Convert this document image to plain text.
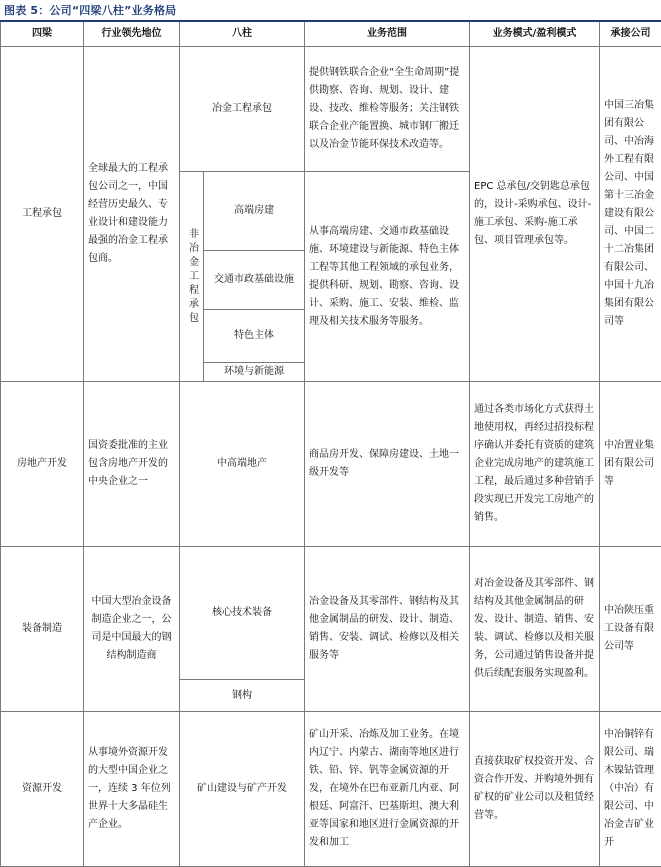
图表 5：公司“四梁八柱”业务格局
四梁	行业领先地位	八柱		业务范围	业务模式/盈利模式	承接公司
工程承包	全球最大的工程承包公司之一，中国经营历史最久、专业设计和建设能力最强的冶金工程承包商。	冶金工程承包		提供钢铁联合企业“全生命周期”提供勘察、咨询、规划、设计、建设、技改、维检等服务；关注钢铁联合企业产能置换、城市钢厂搬迁以及冶金节能环保技术改造等。	EPC 总承包/交钥匙总承包的，设计-采购承包、设计-施工承包、采购-施工承包、项目管理承包等。	中国三冶集团有限公司、中冶海外工程有限公司、中国第十三冶金建设有限公司、中国二十二冶集团有限公司、中国十九冶集团有限公司等

		非冶金工程承包	高端房建	从事高端房建、交通市政基础设施、环境建设与新能源、特色主体工程等其他工程领域的承包业务，提供科研、规划、勘察、咨询、设计、采购、施工、安装、维检、监理及相关技术服务等服务。		
			交通市政基础设施			
			特色主体			
			环境与新能源			
房地产开发	国资委批准的主业包含房地产开发的中央企业之一	中高端地产		商品房开发、保障房建设、土地一级开发等	通过各类市场化方式获得土地使用权，再经过招投标程序确认并委托有资质的建筑企业完成房地产的建筑施工工程，最后通过多种营销手段实现已开发完工房地产的销售。	中冶置业集团有限公司等
装备制造	中国大型冶金设备制造企业之一，公司是中国最大的钢结构制造商	核心技术装备		冶金设备及其零部件、钢结构及其他金属制品的研发、设计、制造、销售、安装、调试、检修以及相关服务等	对冶金设备及其零部件、钢结构及其他金属制品的研发、设计、制造、销售、安装、调试、检修以及相关服务，公司通过销售设备并提供后续配套服务实现盈利。	中冶陕压重工设备有限公司等
		钢构				
资源开发	从事境外资源开发的大型中国企业之一，连续 3 年位列世界十大多晶硅生产企业。	矿山建设与矿产开发		矿山开采、冶炼及加工业务。在境内辽宁、内蒙古、湖南等地区进行铁、铅、锌、钒等金属资源的开发，在境外在巴布亚新几内亚、阿根廷、阿富汗、巴基斯坦、澳大利亚等国家和地区进行金属资源的开发和加工	直接获取矿权投资开发、合资合作开发、并购境外拥有矿权的矿业公司以及租赁经营等。	中冶铜锌有限公司、瑞木镍钴管理（中冶）有限公司、中冶金吉矿业开
